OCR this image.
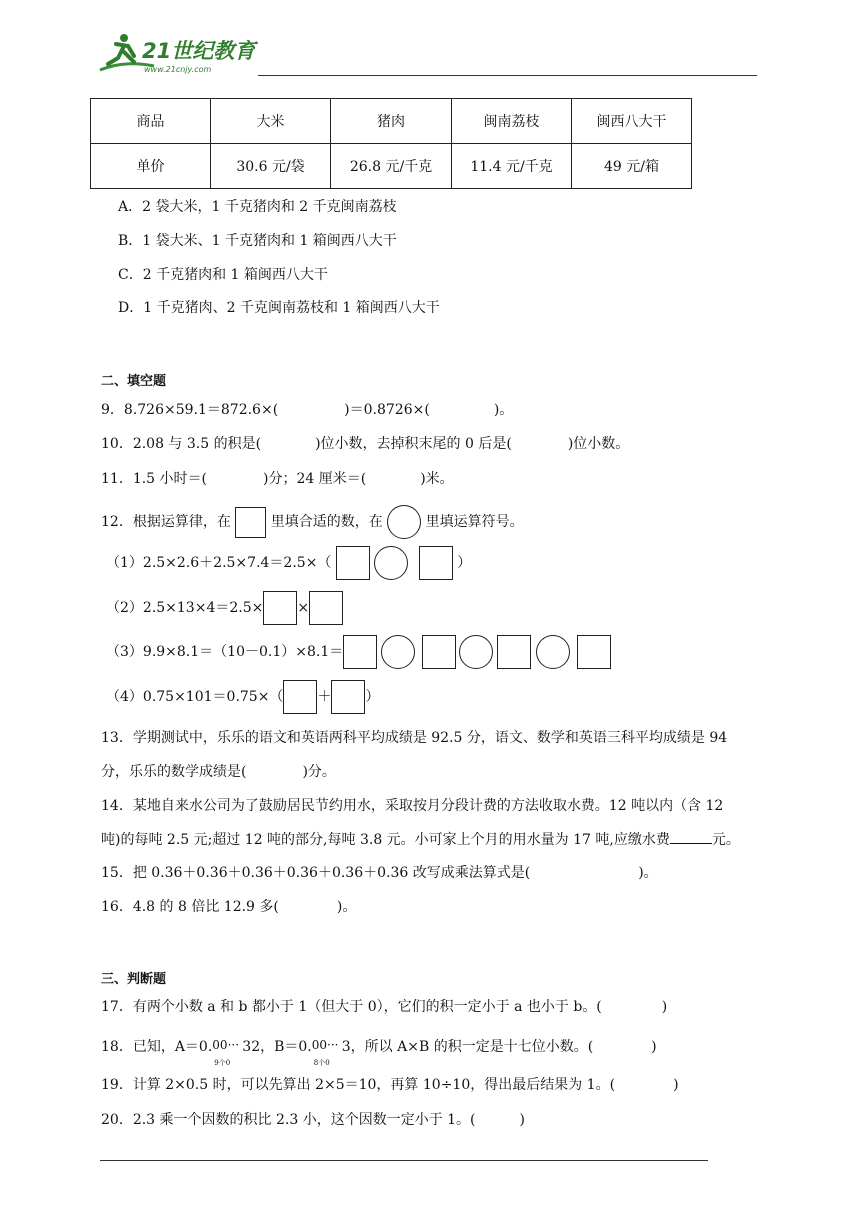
21世纪教育
www.21cnjy.com
商品	大米	猪肉	闽南荔枝	闽西八大干
单价	30.6 元/袋	26.8 元/千克	11.4 元/千克	49 元/箱
A．2 袋大米，1 千克猪肉和 2 千克闽南荔枝
B．1 袋大米、1 千克猪肉和 1 箱闽西八大干
C．2 千克猪肉和 1 箱闽西八大干
D．1 千克猪肉、2 千克闽南荔枝和 1 箱闽西八大干
二、填空题
9．8.726×59.1＝872.6×(	)＝0.8726×(	)。
10．2.08 与 3.5 的积是(	)位小数，去掉积末尾的 0 后是(	)位小数。
11．1.5 小时＝(	)分；24 厘米＝(	)米。
12．根据运算律，在	里填合适的数，在	里填运算符号。
（1）2.5×2.6＋2.5×7.4＝2.5×（	）
（2）2.5×13×4＝2.5× ×
（3）9.9×8.1＝（10－0.1）×8.1＝
（4）0.75×101＝0.75×（ ＋ ）
13．学期测试中，乐乐的语文和英语两科平均成绩是 92.5 分，语文、数学和英语三科平均成绩是 94
分，乐乐的数学成绩是(	)分。
14．某地自来水公司为了鼓励居民节约用水，采取按月分段计费的方法收取水费。12 吨以内（含 12
吨)的每吨 2.5 元;超过 12 吨的部分,每吨 3.8 元。小可家上个月的用水量为 17 吨,应缴水费	元。
15．把 0.36＋0.36＋0.36＋0.36＋0.36＋0.36 改写成乘法算式是(	)。
16．4.8 的 8 倍比 12.9 多(	)。
三、判断题
17．有两个小数 a 和 b 都小于 1（但大于 0），它们的积一定小于 a 也小于 b。(	)
18．已知，A＝0. 00···
9个0
32，B＝0. 00···
8个0
3，所以 A×B 的积一定是十七位小数。(	)
19．计算 2×0.5 时，可以先算出 2×5＝10，再算 10÷10，得出最后结果为 1。(	)
20．2.3 乘一个因数的积比 2.3 小，这个因数一定小于 1。(	)
